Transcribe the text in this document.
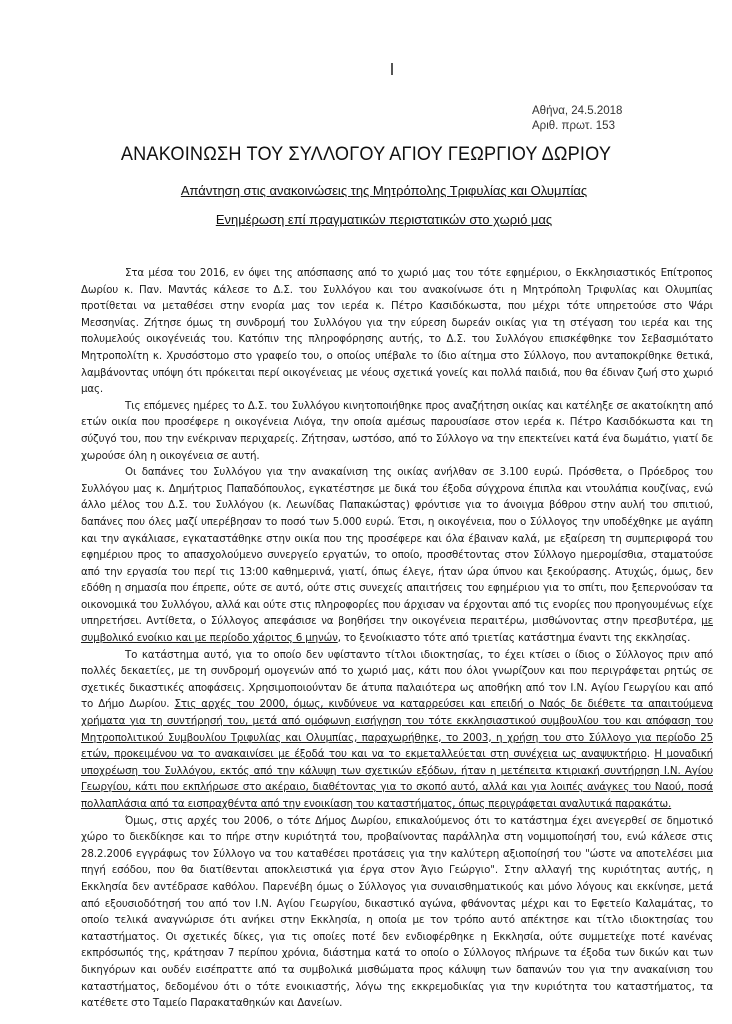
Αθήνα, 24.5.2018
Αριθ. πρωτ. 153
ΑΝΑΚΟΙΝΩΣΗ ΤΟΥ ΣΥΛΛΟΓΟΥ ΑΓΙΟΥ ΓΕΩΡΓΙΟΥ ΔΩΡΙΟΥ
Απάντηση στις ανακοινώσεις της Μητρόπολης Τριφυλίας και Ολυμπίας
Ενημέρωση επί πραγματικών περιστατικών στο χωριό μας

Στα μέσα του 2016, εν όψει της απόσπασης από το χωριό μας του τότε εφημέριου, ο Εκκλησιαστικός Επίτροπος Δωρίου κ. Παν. Μαντάς κάλεσε το Δ.Σ. του Συλλόγου και του ανακοίνωσε ότι η Μητρόπολη Τριφυλίας και Ολυμπίας προτίθεται να μεταθέσει στην ενορία μας τον ιερέα κ. Πέτρο Κασιδόκωστα, που μέχρι τότε υπηρετούσε στο Ψάρι Μεσσηνίας. Ζήτησε όμως τη συνδρομή του Συλλόγου για την εύρεση δωρεάν οικίας για τη στέγαση του ιερέα και της πολυμελούς οικογένειάς του. Κατόπιν της πληροφόρησης αυτής, το Δ.Σ. του Συλλόγου επισκέφθηκε τον Σεβασμιότατο Μητροπολίτη κ. Χρυσόστομο στο γραφείο του, ο οποίος υπέβαλε το ίδιο αίτημα στο Σύλλογο, που ανταποκρίθηκε θετικά, λαμβάνοντας υπόψη ότι πρόκειται περί οικογένειας με νέους σχετικά γονείς και πολλά παιδιά, που θα έδιναν ζωή στο χωριό μας.

Τις επόμενες ημέρες το Δ.Σ. του Συλλόγου κινητοποιήθηκε προς αναζήτηση οικίας και κατέληξε σε ακατοίκητη από ετών οικία που προσέφερε η οικογένεια Λιόγα, την οποία αμέσως παρουσίασε στον ιερέα κ. Πέτρο Κασιδόκωστα και τη σύζυγό του, που την ενέκριναν περιχαρείς. Ζήτησαν, ωστόσο, από το Σύλλογο να την επεκτείνει κατά ένα δωμάτιο, γιατί δε χωρούσε όλη η οικογένεια σε αυτή.

Οι δαπάνες του Συλλόγου για την ανακαίνιση της οικίας ανήλθαν σε 3.100 ευρώ. Πρόσθετα, ο Πρόεδρος του Συλλόγου μας κ. Δημήτριος Παπαδόπουλος, εγκατέστησε με δικά του έξοδα σύγχρονα έπιπλα και ντουλάπια κουζίνας, ενώ άλλο μέλος του Δ.Σ. του Συλλόγου (κ. Λεωνίδας Παπακώστας) φρόντισε για το άνοιγμα βόθρου στην αυλή του σπιτιού, δαπάνες που όλες μαζί υπερέβησαν το ποσό των 5.000 ευρώ. Έτσι, η οικογένεια, που ο Σύλλογος την υποδέχθηκε με αγάπη και την αγκάλιασε, εγκαταστάθηκε στην οικία που της προσέφερε και όλα έβαιναν καλά, με εξαίρεση τη συμπεριφορά του εφημέριου προς το απασχολούμενο συνεργείο εργατών, το οποίο, προσθέτοντας στον Σύλλογο ημερομίσθια, σταματούσε από την εργασία του περί τις 13:00 καθημερινά, γιατί, όπως έλεγε, ήταν ώρα ύπνου και ξεκούρασης. Ατυχώς, όμως, δεν εδόθη η σημασία που έπρεπε, ούτε σε αυτό, ούτε στις συνεχείς απαιτήσεις του εφημέριου για το σπίτι, που ξεπερνούσαν τα οικονομικά του Συλλόγου, αλλά και ούτε στις πληροφορίες που άρχισαν να έρχονται από τις ενορίες που προηγουμένως είχε υπηρετήσει. Αντίθετα, ο Σύλλογος απεφάσισε να βοηθήσει την οικογένεια περαιτέρω, μισθώνοντας στην πρεσβυτέρα, με συμβολικό ενοίκιο και με περίοδο χάριτος 6 μηνών, το ξενοίκιαστο τότε από τριετίας κατάστημα έναντι της εκκλησίας.

Το κατάστημα αυτό, για το οποίο δεν υφίσταντο τίτλοι ιδιοκτησίας, το έχει κτίσει ο ίδιος ο Σύλλογος πριν από πολλές δεκαετίες, με τη συνδρομή ομογενών από το χωριό μας, κάτι που όλοι γνωρίζουν και που περιγράφεται ρητώς σε σχετικές δικαστικές αποφάσεις. Χρησιμοποιούνταν δε άτυπα παλαιότερα ως αποθήκη από τον Ι.Ν. Αγίου Γεωργίου και από το Δήμο Δωρίου. Στις αρχές του 2000, όμως, κινδύνευε να καταρρεύσει και επειδή ο Ναός δε διέθετε τα απαιτούμενα χρήματα για τη συντήρησή του, μετά από ομόφωνη εισήγηση του τότε εκκλησιαστικού συμβουλίου του και απόφαση του Μητροπολιτικού Συμβουλίου Τριφυλίας και Ολυμπίας, παραχωρήθηκε, το 2003, η χρήση του στο Σύλλογο για περίοδο 25 ετών, προκειμένου να το ανακαινίσει με έξοδά του και να το εκμεταλλεύεται στη συνέχεια ως αναψυκτήριο. Η μοναδική υποχρέωση του Συλλόγου, εκτός από την κάλυψη των σχετικών εξόδων, ήταν η μετέπειτα κτιριακή συντήρηση Ι.Ν. Αγίου Γεωργίου, κάτι που εκπλήρωσε στο ακέραιο, διαθέτοντας για το σκοπό αυτό, αλλά και για λοιπές ανάγκες του Ναού, ποσά πολλαπλάσια από τα εισπραχθέντα από την ενοικίαση του καταστήματος, όπως περιγράφεται αναλυτικά παρακάτω.

Όμως, στις αρχές του 2006, ο τότε Δήμος Δωρίου, επικαλούμενος ότι το κατάστημα έχει ανεγερθεί σε δημοτικό χώρο το διεκδίκησε και το πήρε στην κυριότητά του, προβαίνοντας παράλληλα στη νομιμοποίησή του, ενώ κάλεσε στις 28.2.2006 εγγράφως τον Σύλλογο να του καταθέσει προτάσεις για την καλύτερη αξιοποίησή του "ώστε να αποτελέσει μια πηγή εσόδου, που θα διατίθενται αποκλειστικά για έργα στον Άγιο Γεώργιο". Στην αλλαγή της κυριότητας αυτής, η Εκκλησία δεν αντέδρασε καθόλου. Παρενέβη όμως ο Σύλλογος για συναισθηματικούς και μόνο λόγους και εκκίνησε, μετά από εξουσιοδότησή του από τον Ι.Ν. Αγίου Γεωργίου, δικαστικό αγώνα, φθάνοντας μέχρι και το Εφετείο Καλαμάτας, το οποίο τελικά αναγνώρισε ότι ανήκει στην Εκκλησία, η οποία με τον τρόπο αυτό απέκτησε και τίτλο ιδιοκτησίας του καταστήματος. Οι σχετικές δίκες, για τις οποίες ποτέ δεν ενδιοφέρθηκε η Εκκλησία, ούτε συμμετείχε ποτέ κανένας εκπρόσωπός της, κράτησαν 7 περίπου χρόνια, διάστημα κατά το οποίο ο Σύλλογος πλήρωνε τα έξοδα των δικών και των δικηγόρων και ουδέν εισέπραττε από τα συμβολικά μισθώματα προς κάλυψη των δαπανών του για την ανακαίνιση του καταστήματος, δεδομένου ότι ο τότε ενοικιαστής, λόγω της εκκρεμοδικίας για την κυριότητα του καταστήματος, τα κατέθετε στο Ταμείο Παρακαταθηκών και Δανείων.
